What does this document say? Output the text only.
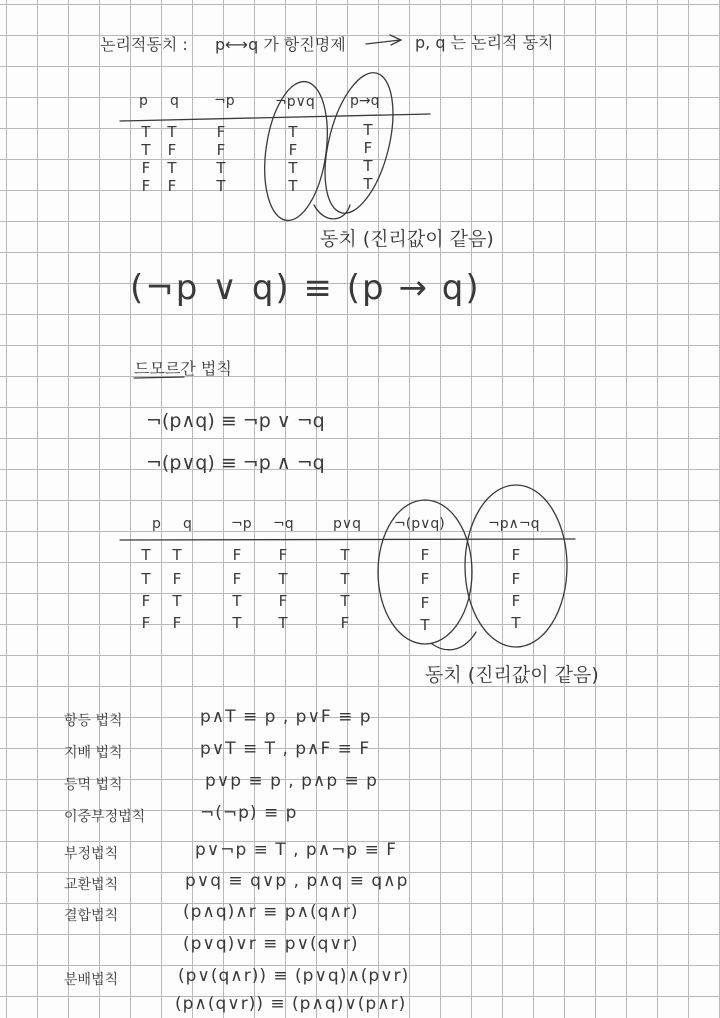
논리적동치 : p⟷q 가 항진명제	p, q 는 논리적 동치
p q	¬p	¬p∨q	p→q
T	T	F	T	T
T	F	F	F	F
F	T	T	T	T
F	F	T	T	T
동치 (진리값이 같음)
(¬p ∨ q) ≡ (p → q)
드모르간 법칙
¬(p∧q) ≡ ¬p ∨ ¬q
¬(p∨q) ≡ ¬p ∧ ¬q
p q	¬p ¬q	p∨q ¬(p∨q)	¬p∧¬q
T	T	F	F	T	F	F
T	F	F	T	T	F	F
F	T	T	F	T	F	F
F	F	T	T	F	T	T
동치 (진리값이 같음)
항등 법칙	p∧T ≡ p , p∨F ≡ p
지배 법칙	p∨T ≡ T , p∧F ≡ F
등멱 법칙	p∨p ≡ p , p∧p ≡ p
이중부정법칙	¬(¬p) ≡ p
부정법칙	p∨¬p ≡ T , p∧¬p ≡ F
교환법칙	p∨q ≡ q∨p , p∧q ≡ q∧p
결합법칙	(p∧q)∧r ≡ p∧(q∧r)
(p∨q)∨r ≡ p∨(q∨r)
분배법칙	(p∨(q∧r)) ≡ (p∨q)∧(p∨r)
(p∧(q∨r)) ≡ (p∧q)∨(p∧r)
